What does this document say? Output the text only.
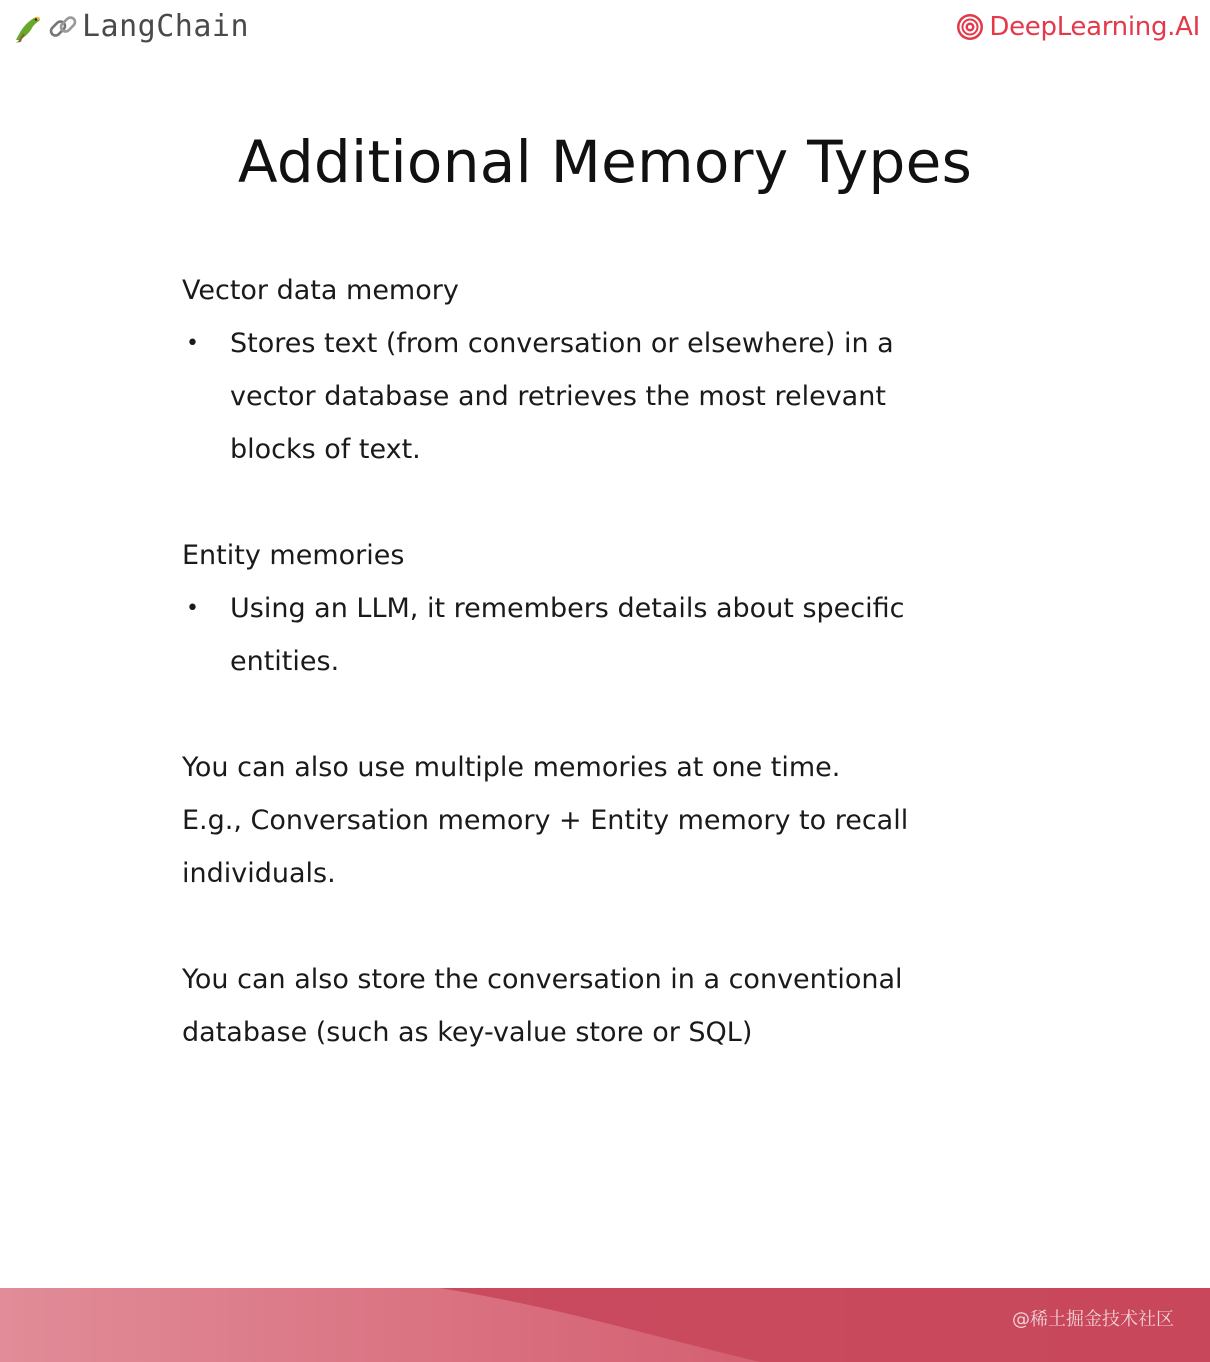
LangChain	DeepLearning.AI
Additional Memory Types
Vector data memory
•	Stores text (from conversation or elsewhere) in a vector database and retrieves the most relevant blocks of text.
Entity memories
•	Using an LLM, it remembers details about specific entities.
You can also use multiple memories at one time.
E.g., Conversation memory + Entity memory to recall individuals.
You can also store the conversation in a conventional database (such as key-value store or SQL)
@稀土掘金技术社区
